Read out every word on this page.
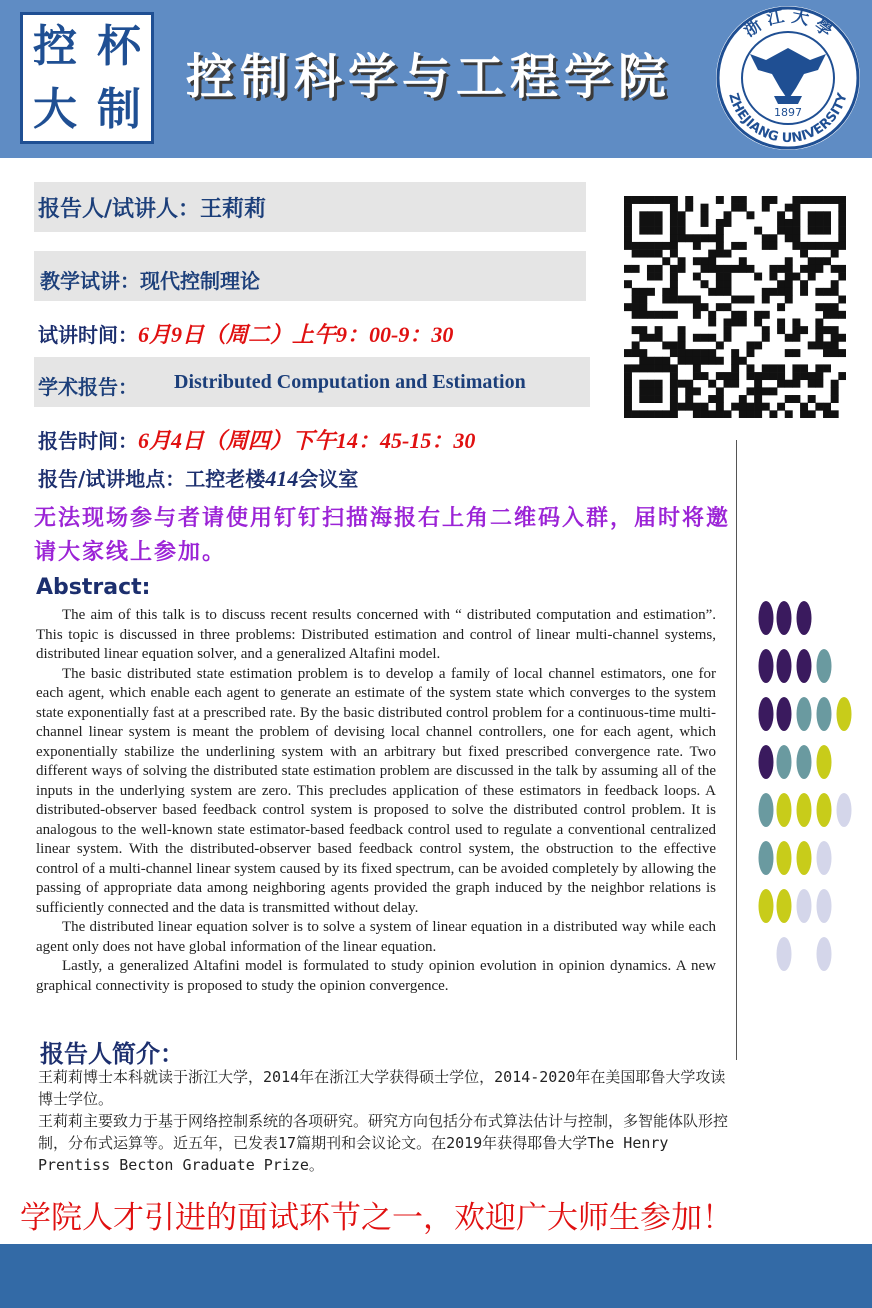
控 杯
大 制
控制科学与工程学院
浙 江 大 學
ZHEJIANG UNIVERSITY
1897
报告人/试讲人：王莉莉
教学试讲：现代控制理论
试讲时间：6月9日（周二）上午9：00-9：30
学术报告： Distributed Computation and Estimation
报告时间：6月4日（周四）下午14：45-15：30
报告/试讲地点：工控老楼414会议室
无法现场参与者请使用钉钉扫描海报右上角二维码入群，届时将邀请大家线上参加。
Abstract:

The aim of this talk is to discuss recent results concerned with “ distributed computation and estimation”. This topic is discussed in three problems: Distributed estimation and control of linear multi-channel systems, distributed linear equation solver, and a generalized Altafini model.

The basic distributed state estimation problem is to develop a family of local channel estimators, one for each agent, which enable each agent to generate an estimate of the system state which converges to the system state exponentially fast at a prescribed rate. By the basic distributed control problem for a continuous-time multi-channel linear system is meant the problem of devising local channel controllers, one for each agent, which exponentially stabilize the underlining system with an arbitrary but fixed prescribed convergence rate. Two different ways of solving the distributed state estimation problem are discussed in the talk by assuming all of the inputs in the underlying system are zero. This precludes application of these estimators in feedback loops. A distributed-observer based feedback control system is proposed to solve the distributed control problem. It is analogous to the well-known state estimator-based feedback control used to regulate a conventional centralized linear system. With the distributed-observer based feedback control system, the obstruction to the effective control of a multi-channel linear system caused by its fixed spectrum, can be avoided completely by allowing the passing of appropriate data among neighboring agents provided the graph induced by the neighbor relations is sufficiently connected and the data is transmitted without delay.

The distributed linear equation solver is to solve a system of linear equation in a distributed way while each agent only does not have global information of the linear equation.

Lastly, a generalized Altafini model is formulated to study opinion evolution in opinion dynamics. A new graphical connectivity is proposed to study the opinion convergence.

报告人简介：

王莉莉博士本科就读于浙江大学，2014年在浙江大学获得硕士学位，2014-2020年在美国耶鲁大学攻读博士学位。

王莉莉主要致力于基于网络控制系统的各项研究。研究方向包括分布式算法估计与控制，多智能体队形控制，分布式运算等。近五年，已发表17篇期刊和会议论文。在2019年获得耶鲁大学The Henry Prentiss Becton Graduate Prize。

学院人才引进的面试环节之一，欢迎广大师生参加！
